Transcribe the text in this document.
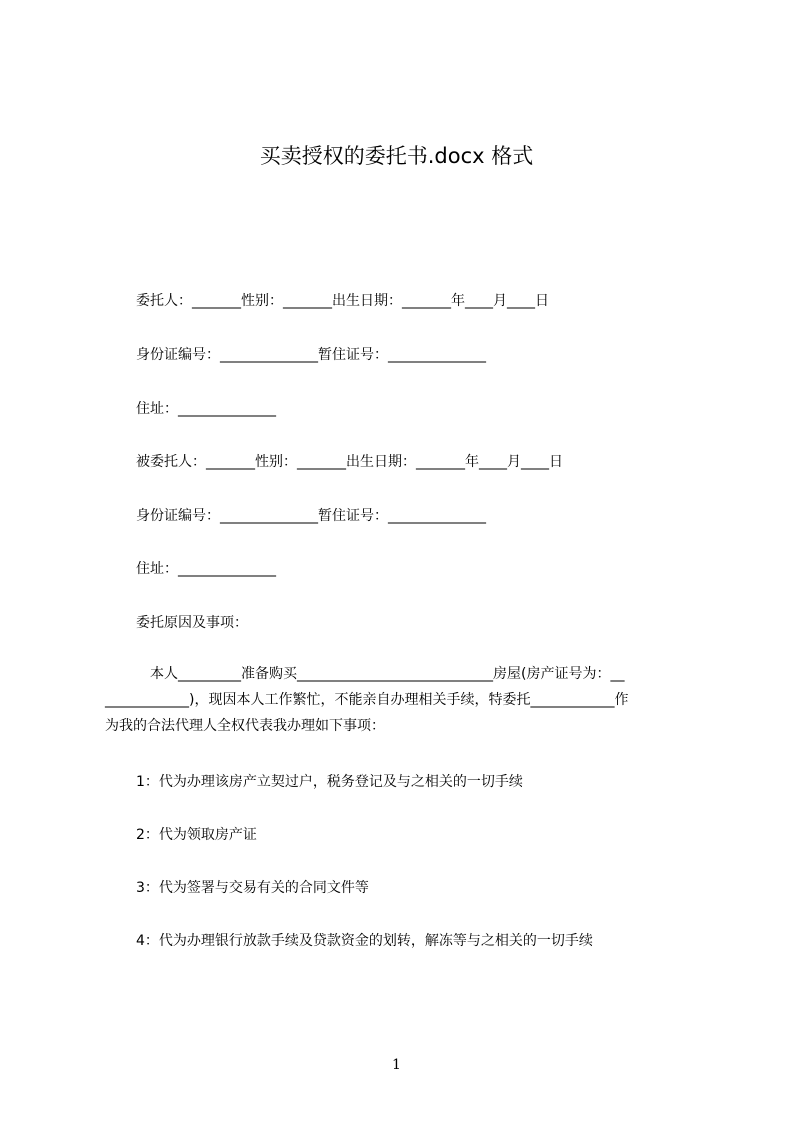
买卖授权的委托书.docx 格式
委托人：_______性别：_______出生日期：_______年____月____日
身份证编号：______________暂住证号：______________
住址：______________
被委托人：_______性别：_______出生日期：_______年____月____日
身份证编号：______________暂住证号：______________
住址：______________
委托原因及事项：
　本人_________准备购买____________________________房屋(房产证号为：__
____________)，现因本人工作繁忙，不能亲自办理相关手续，特委托____________作
为我的合法代理人全权代表我办理如下事项：
1：代为办理该房产立契过户，税务登记及与之相关的一切手续
2：代为领取房产证
3：代为签署与交易有关的合同文件等
4：代为办理银行放款手续及贷款资金的划转，解冻等与之相关的一切手续
1
